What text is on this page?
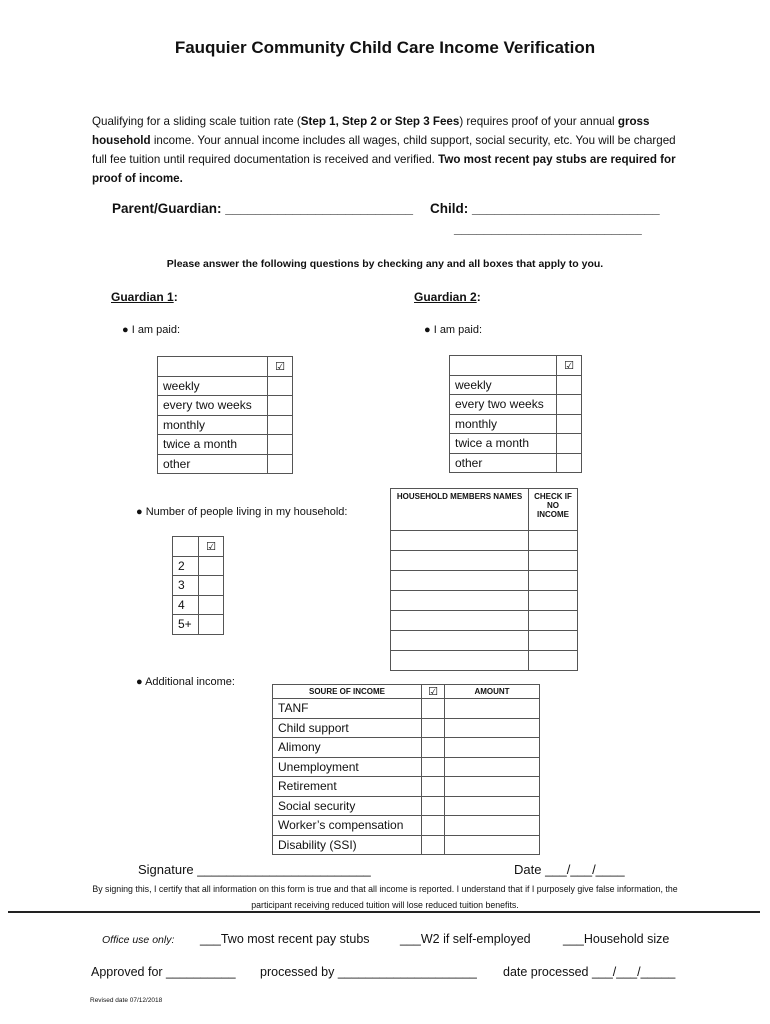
Fauquier Community Child Care Income Verification
Qualifying for a sliding scale tuition rate (Step 1, Step 2 or Step 3 Fees) requires proof of your annual gross household income. Your annual income includes all wages, child support, social security, etc. You will be charged full fee tuition until required documentation is received and verified. Two most recent pay stubs are required for proof of income.
Parent/Guardian: _________________________ Child: _________________________
_________________________
Please answer the following questions by checking any and all boxes that apply to you.
Guardian 1:
● I am paid:
	☑
weekly	
every two weeks	
monthly	
twice a month	
other	
Guardian 2:
● I am paid:
	☑
weekly	
every two weeks	
monthly	
twice a month	
other	
● Number of people living in my household:
	☑
2	
3	
4	
5+	
HOUSEHOLD MEMBERS NAMES	CHECK IF NO INCOME

● Additional income:
SOURE OF INCOME	☑	AMOUNT
TANF		
Child support		
Alimony		
Unemployment		
Retirement		
Social security		
Worker’s compensation		
Disability (SSI)		
Signature ________________________	Date ___/___/____
By signing this, I certify that all information on this form is true and that all income is reported. I understand that if I purposely give false information, the participant receiving reduced tuition will lose reduced tuition benefits.
Office use only: ___Two most recent pay stubs ___W2 if self-employed	___Household size
Approved for __________ processed by ____________________ date processed ___/___/_____
Revised date 07/12/2018
